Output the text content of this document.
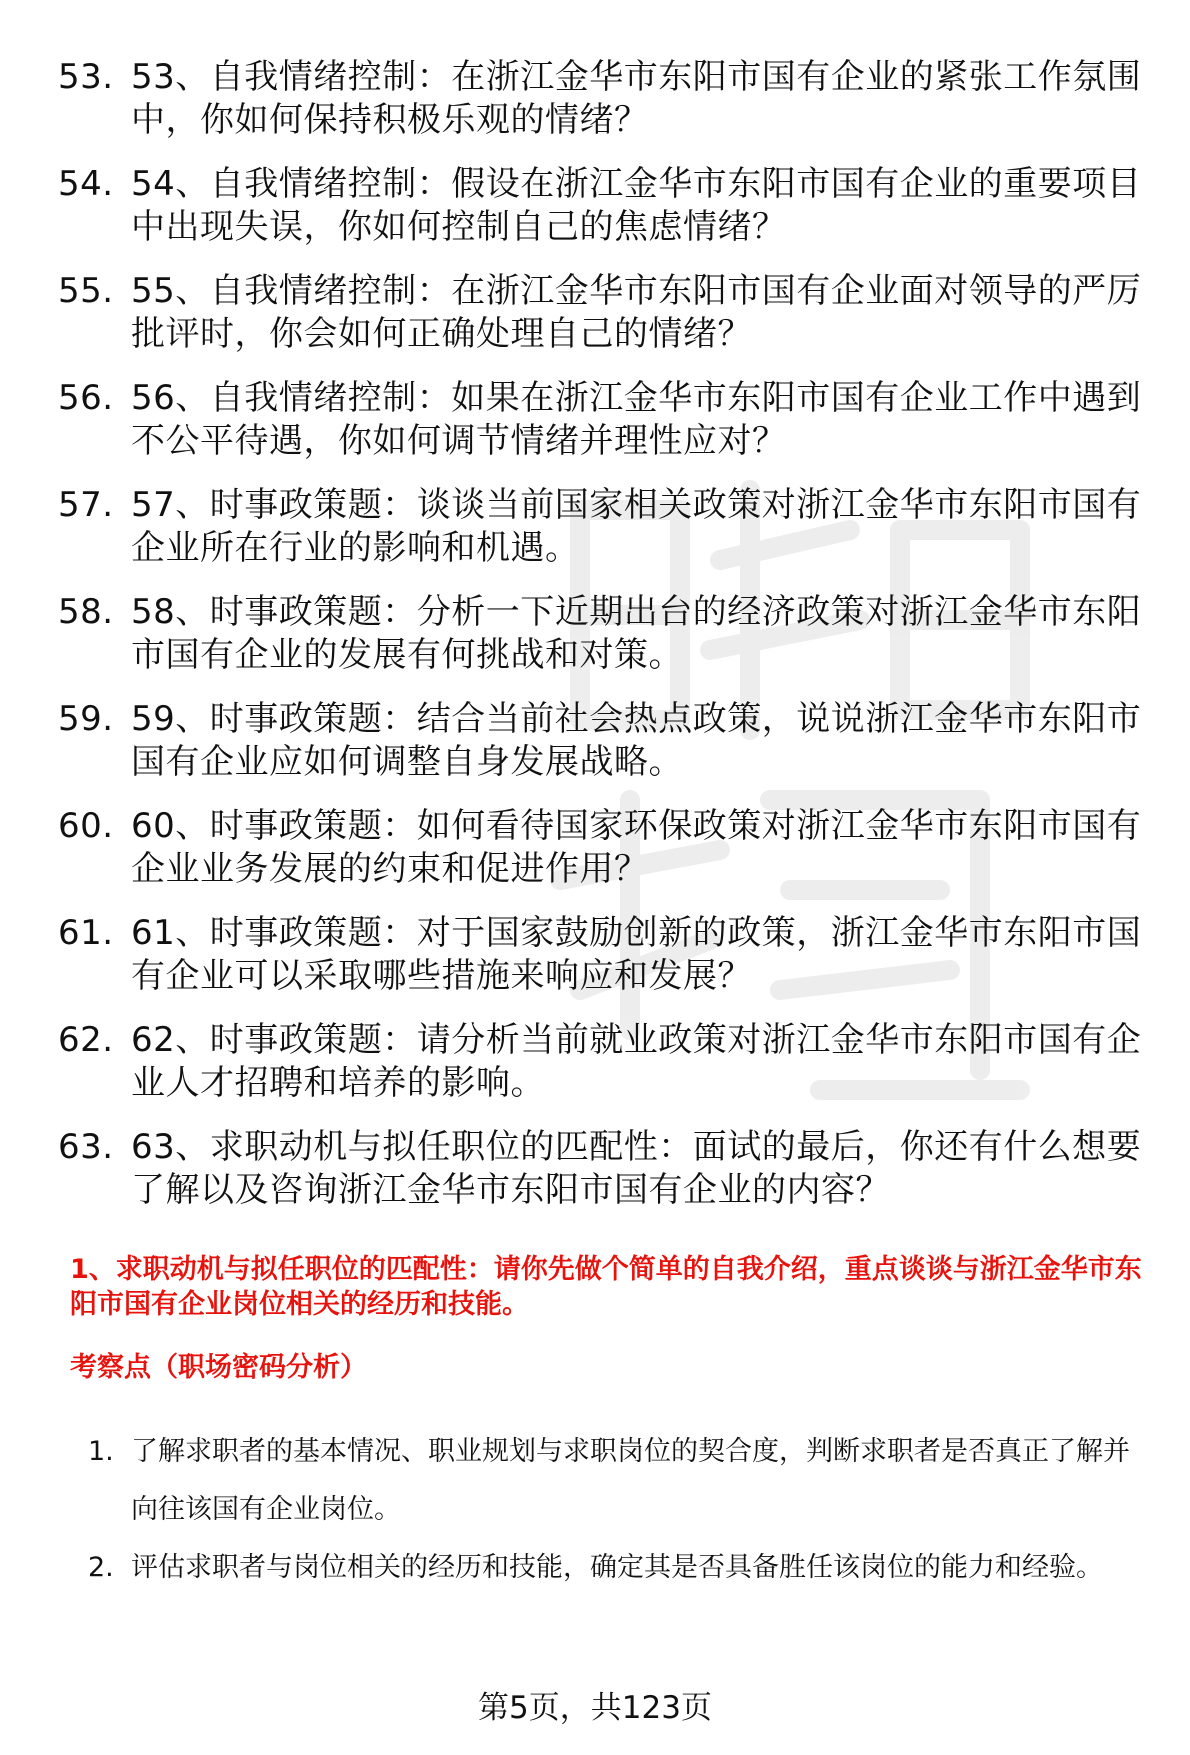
53. 53、自我情绪控制：在浙江金华市东阳市国有企业的紧张工作氛围中，你如何保持积极乐观的情绪？
54. 54、自我情绪控制：假设在浙江金华市东阳市国有企业的重要项目中出现失误，你如何控制自己的焦虑情绪？
55. 55、自我情绪控制：在浙江金华市东阳市国有企业面对领导的严厉批评时，你会如何正确处理自己的情绪？
56. 56、自我情绪控制：如果在浙江金华市东阳市国有企业工作中遇到不公平待遇，你如何调节情绪并理性应对？
57. 57、时事政策题：谈谈当前国家相关政策对浙江金华市东阳市国有企业所在行业的影响和机遇。
58. 58、时事政策题：分析一下近期出台的经济政策对浙江金华市东阳市国有企业的发展有何挑战和对策。
59. 59、时事政策题：结合当前社会热点政策，说说浙江金华市东阳市国有企业应如何调整自身发展战略。
60. 60、时事政策题：如何看待国家环保政策对浙江金华市东阳市国有企业业务发展的约束和促进作用？
61. 61、时事政策题：对于国家鼓励创新的政策，浙江金华市东阳市国有企业可以采取哪些措施来响应和发展？
62. 62、时事政策题：请分析当前就业政策对浙江金华市东阳市国有企业人才招聘和培养的影响。
63. 63、求职动机与拟任职位的匹配性：面试的最后，你还有什么想要了解以及咨询浙江金华市东阳市国有企业的内容？
1、求职动机与拟任职位的匹配性：请你先做个简单的自我介绍，重点谈谈与浙江金华市东阳市国有企业岗位相关的经历和技能。
考察点（职场密码分析）
1. 了解求职者的基本情况、职业规划与求职岗位的契合度，判断求职者是否真正了解并向往该国有企业岗位。
2. 评估求职者与岗位相关的经历和技能，确定其是否具备胜任该岗位的能力和经验。
第5页，共123页
